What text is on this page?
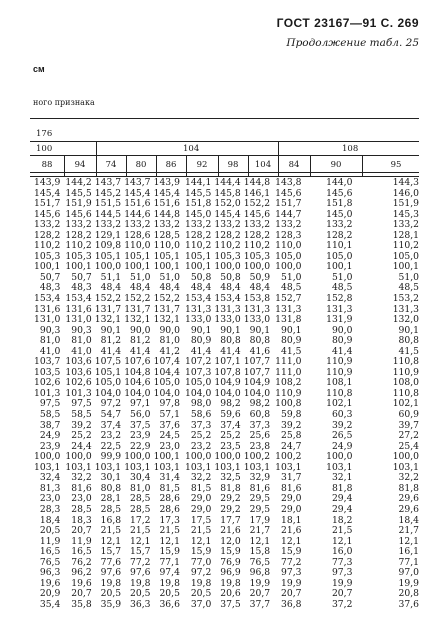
ГОСТ 23167—91 С. 269
Продолжение табл. 25
см
ного признака
176
100	104	108
88	94	74	80	86	92	98	104	84	90	95
143,9 144,2 143,7 143,7 143,9 144,1 144,4 144,8 143,8	144,0	144,3
145,4 145,5 145,2 145,4 145,4 145,5 145,8 146,1 145,6	145,6	146,0
151,7 151,9 151,5 151,6 151,6 151,8 152,0 152,2 151,7	151,8	151,9
145,6 145,6 144,5 144,6 144,8 145,0 145,4 145,6 144,7	145,0	145,3
133,2 133,2 133,2 133,2 133,2 133,2 133,2 133,2 133,2	133,2	133,2
128,2 128,2 129,1 128,6 128,5 128,2 128,2 128,2 128,3	128,2	128,1
110,2 110,2 109,8 110,0 110,0 110,2 110,2 110,2 110,0	110,1	110,2
105,3 105,3 105,1 105,1 105,1 105,1 105,3 105,3 105,0	105,0	105,0
100,1 100,1 100,0 100,1 100,1 100,1 100,0 100,0 100,0	100,1	100,1
50,7	50,7 51,1 51,0 51,0	50,8 50,8 50,9	51,0	51,0	51,0
48,3	48,3 48,4 48,4 48,4	48,4 48,4 48,4	48,5	48,5	48,5
153,4 153,4 152,2 152,2 152,2 153,4 153,4 153,8 152,7	152,8	153,2
131,6 131,6 131,7 131,7 131,7 131,3 131,3 131,3 131,3	131,3	131,3
131,0 131,0 132,1 132,1 132,1 133,0 133,0 133,0 131,8	131,9	132,0
90,3	90,3 90,1 90,0 90,0	90,1 90,1 90,1	90,1	90,0	90,1
81,0	81,0 81,2 81,2 81,0	80,9 80,8 80,8	80,9	80,9	80,8
41,0	41,0 41,4 41,4 41,2	41,4 41,4 41,6	41,5	41,4	41,5
103,7 103,6 107,5 107,6 107,4 107,2 107,1 107,7 111,0	110,9	110,8
103,5 103,6 105,1 104,8 104,4 107,3 107,8 107,7 111,0	110,9	110,9
102,6 102,6 105,0 104,6 105,0 105,0 104,9 104,9 108,2	108,1	108,0
101,3 101,3 104,0 104,0 104,0 104,0 104,0 104,0 110,9	110,8	110,8
97,5	97,5 97,2 97,1 97,8	98,0 98,2 98,2 100,8	102,1	102,1
58,5	58,5 54,7 56,0 57,1	58,6 59,6 60,8	59,8	60,3	60,9
38,7	39,2 37,4 37,5 37,6	37,3 37,4 37,3	39,2	39,2	39,7
24,9	25,2 23,2 23,9 24,5	25,2 25,2 25,6	25,8	26,5	27,2
23,9	24,4 22,5 22,9 23,0	23,2 23,5 23,8	24,7	24,9	25,4
100,0 100,0 99,9 100,0 100,1 100,0 100,0 100,2 100,2	100,0	100,0
103,1 103,1 103,1 103,1 103,1 103,1 103,1 103,1 103,1	103,1	103,1
32,4	32,2 30,1 30,4 31,4	32,2 32,5 32,9	31,7	32,1	32,2
81,3	81,6 80,8 81,0 81,5	81,5 81,8 81,6	81,6	81,8	81,8
23,0	23,0 28,1 28,5 28,6	29,0 29,2 29,5	29,0	29,4	29,6
28,3	28,5 28,5 28,5 28,6	29,0 29,2 29,5	29,0	29,4	29,6
18,4	18,3 16,8 17,2 17,3	17,5 17,7 17,9	18,1	18,2	18,4
20,5	20,7 21,5 21,5 21,5	21,5 21,6 21,7	21,6	21,5	21,7
11,9	11,9 12,1 12,1 12,1	12,1 12,0 12,1	12,1	12,1	12,1
16,5	16,5 15,7 15,7 15,9	15,9 15,9 15,8	15,9	16,0	16,1
76,5	76,2 77,6 77,2 77,1	77,0 76,9 76,5	77,2	77,3	77,1
96,3	96,2 97,6 97,6 97,4	97,2 96,9 96,8	97,3	97,3	97,0
19,6	19,6 19,8 19,8 19,8	19,8 19,8 19,9	19,9	19,9	19,9
20,9	20,7 20,5 20,5 20,5	20,5 20,6 20,7	20,7	20,7	20,8
35,4	35,8 35,9 36,3 36,6	37,0 37,5 37,7	36,8	37,2	37,6
